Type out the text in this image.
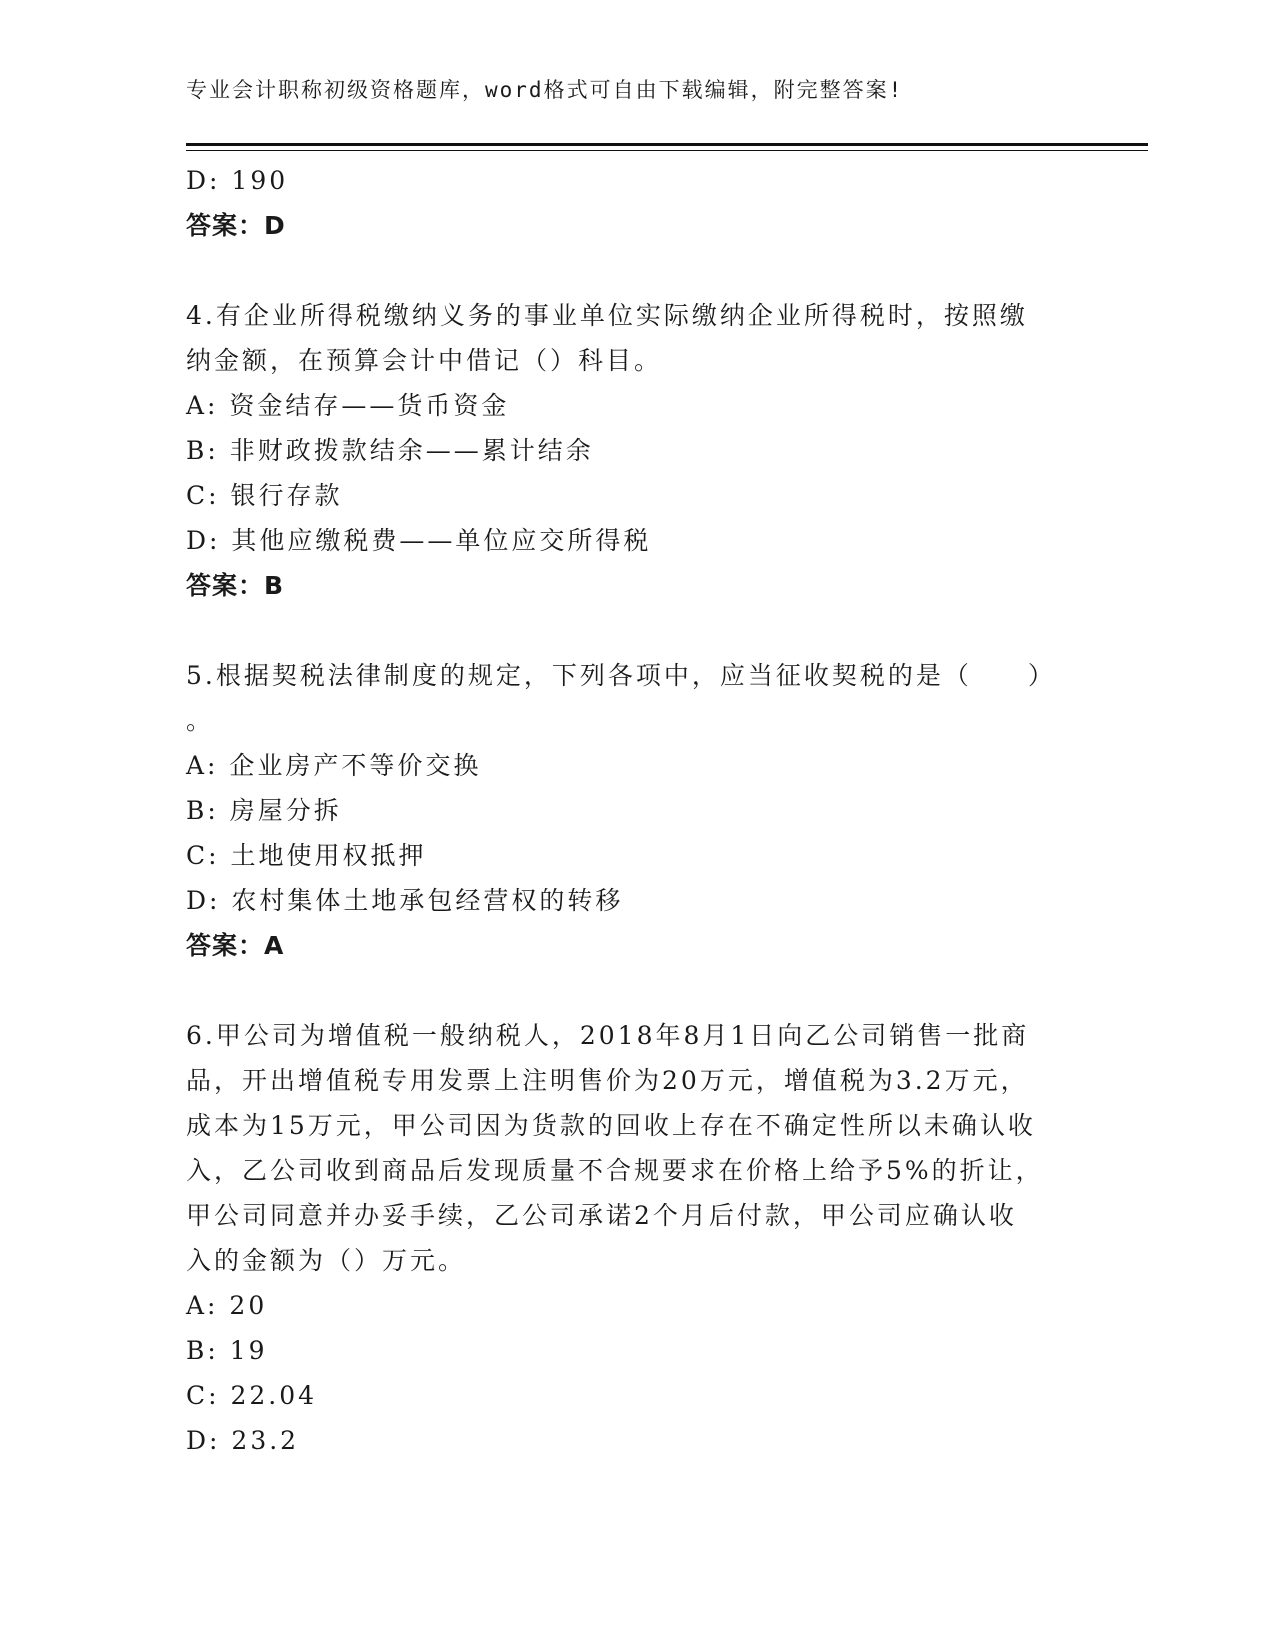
专业会计职称初级资格题库，word格式可自由下载编辑，附完整答案!
D: 190
答案：D
4.有企业所得税缴纳义务的事业单位实际缴纳企业所得税时，按照缴
纳金额，在预算会计中借记（）科目。
A: 资金结存——货币资金
B: 非财政拨款结余——累计结余
C: 银行存款
D: 其他应缴税费——单位应交所得税
答案：B
5.根据契税法律制度的规定，下列各项中，应当征收契税的是（　　）
。
A: 企业房产不等价交换
B: 房屋分拆
C: 土地使用权抵押
D: 农村集体土地承包经营权的转移
答案：A
6.甲公司为增值税一般纳税人，2018年8月1日向乙公司销售一批商
品，开出增值税专用发票上注明售价为20万元，增值税为3.2万元，
成本为15万元，甲公司因为货款的回收上存在不确定性所以未确认收
入，乙公司收到商品后发现质量不合规要求在价格上给予5%的折让，
甲公司同意并办妥手续，乙公司承诺2个月后付款，甲公司应确认收
入的金额为（）万元。
A: 20
B: 19
C: 22.04
D: 23.2
